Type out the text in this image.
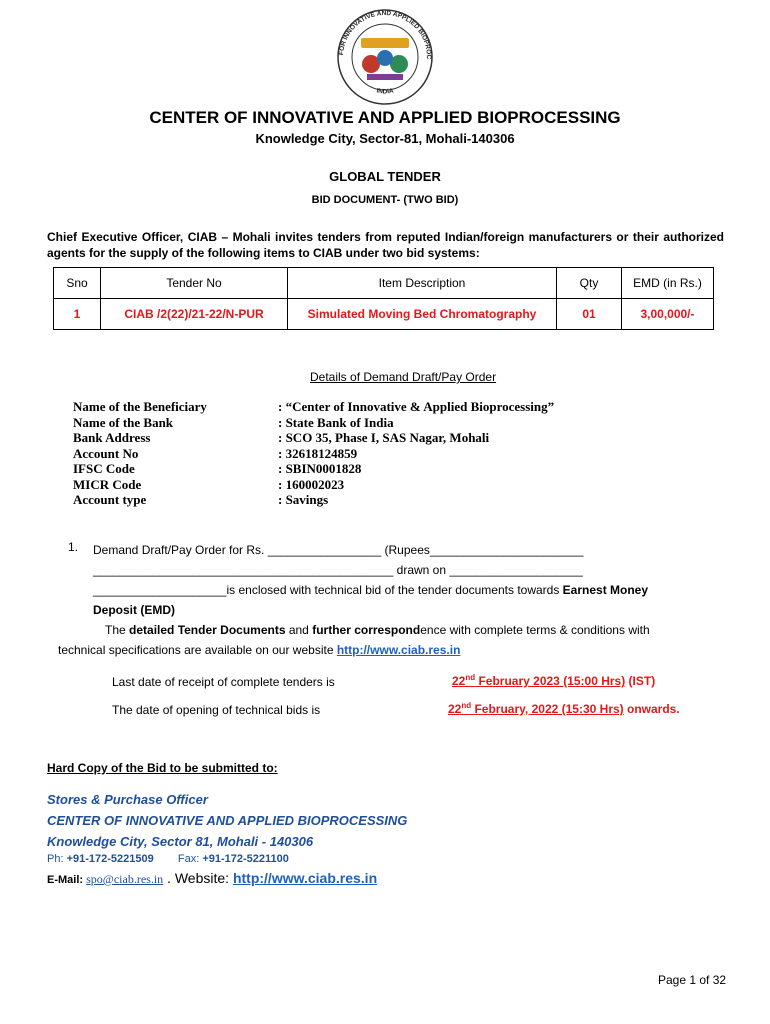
FOR INNOVATIVE AND APPLIED BIOPROC
INDIA
CENTER OF INNOVATIVE AND APPLIED BIOPROCESSING
Knowledge City, Sector-81, Mohali-140306
GLOBAL TENDER
BID DOCUMENT- (TWO BID)
Chief Executive Officer, CIAB – Mohali invites tenders from reputed Indian/foreign manufacturers or their authorized agents for the supply of the following items to CIAB under two bid systems:
Sno	Tender No	Item Description	Qty	EMD (in Rs.)
1	CIAB /2(22)/21-22/N-PUR	Simulated Moving Bed Chromatography	01	3,00,000/-
Details of Demand Draft/Pay Order
Name of the Beneficiary	: “Center of Innovative & Applied Bioprocessing”
Name of the Bank	: State Bank of India
Bank Address	: SCO 35, Phase I, SAS Nagar, Mohali
Account No	: 32618124859
IFSC Code	: SBIN0001828
MICR Code	: 160002023
Account type	: Savings
1. Demand Draft/Pay Order for Rs. _________________ (Rupees_______________________
_____________________________________________ drawn on ____________________
____________________is enclosed with technical bid of the tender documents towards Earnest Money
Deposit (EMD)
The detailed Tender Documents and further correspondence with complete terms & conditions with
technical specifications are available on our website http://www.ciab.res.in
Last date of receipt of complete tenders is	22nd February 2023 (15:00 Hrs) (IST)
The date of opening of technical bids is	22nd February, 2022 (15:30 Hrs) onwards.
Hard Copy of the Bid to be submitted to:
Stores & Purchase Officer
CENTER OF INNOVATIVE AND APPLIED BIOPROCESSING
Knowledge City, Sector 81, Mohali - 140306
Ph: +91-172-5221509 Fax: +91-172-5221100
E-Mail: spo@ciab.res.in . Website: http://www.ciab.res.in
Page 1 of 32
